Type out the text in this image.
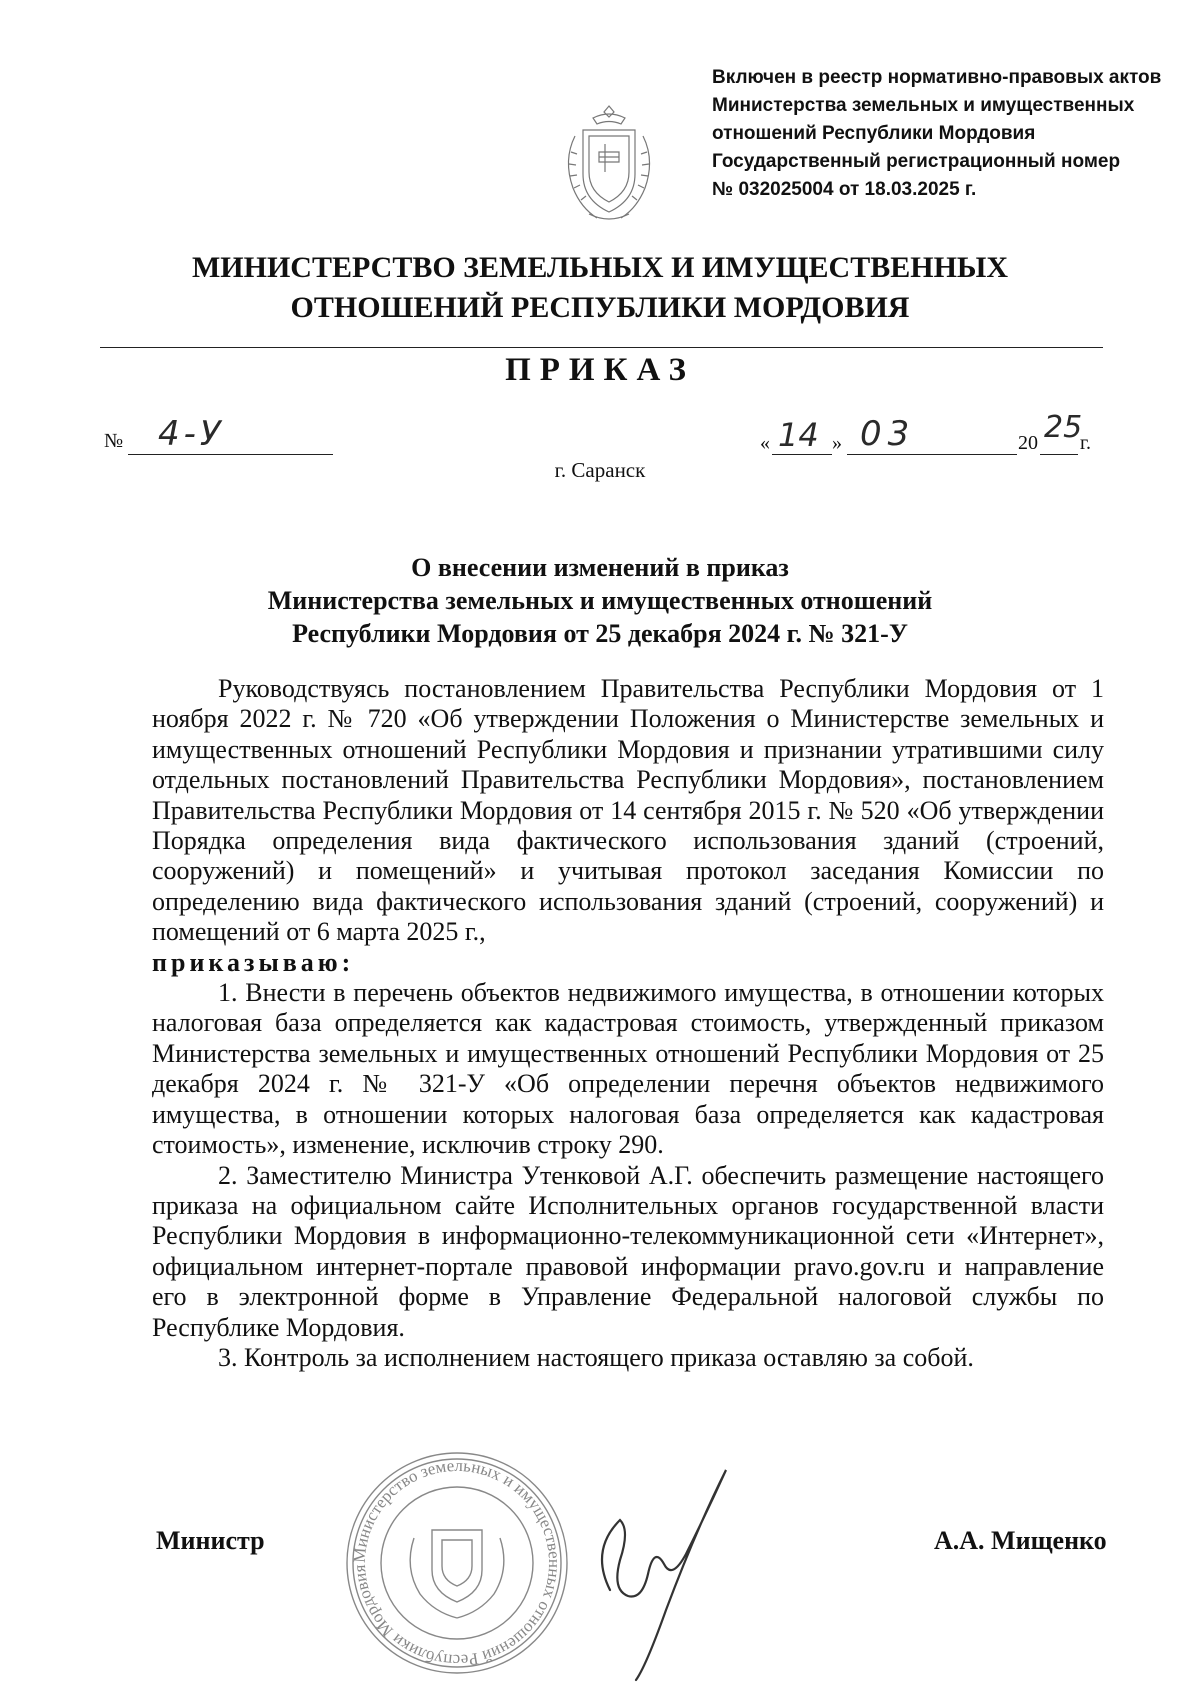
Включен в реестр нормативно-правовых актов
Министерства земельных и имущественных
отношений Республики Мордовия
Государственный регистрационный номер
№ 032025004 от 18.03.2025 г.
МИНИСТЕРСТВО ЗЕМЕЛЬНЫХ И ИМУЩЕСТВЕННЫХ
ОТНОШЕНИЙ РЕСПУБЛИКИ МОРДОВИЯ
ПРИКАЗ
№ 4-У	« 14 » 03	20 25
г.
г. Саранск
О внесении изменений в приказ
Министерства земельных и имущественных отношений
Республики Мордовия от 25 декабря 2024 г. № 321-У

Руководствуясь постановлением Правительства Республики Мордовия от 1 ноября 2022 г. № 720 «Об утверждении Положения о Министерстве земельных и имущественных отношений Республики Мордовия и признании утратившими силу отдельных постановлений Правительства Республики Мордовия», постановлением Правительства Республики Мордовия от 14 сентября 2015 г. № 520 «Об утверждении Порядка определения вида фактического использования зданий (строений, сооружений) и помещений» и учитывая протокол заседания Комиссии по определению вида фактического использования зданий (строений, сооружений) и помещений от 6 марта 2025 г.,

приказываю:

1. Внести в перечень объектов недвижимого имущества, в отношении которых налоговая база определяется как кадастровая стоимость, утвержденный приказом Министерства земельных и имущественных отношений Республики Мордовия от 25 декабря 2024 г. № 321-У «Об определении перечня объектов недвижимого имущества, в отношении которых налоговая база определяется как кадастровая стоимость», изменение, исключив строку 290.

2. Заместителю Министра Утенковой А.Г. обеспечить размещение настоящего приказа на официальном сайте Исполнительных органов государственной власти Республики Мордовия в информационно-телекоммуникационной сети «Интернет», официальном интернет-портале правовой информации pravo.gov.ru и направление его в электронной форме в Управление Федеральной налоговой службы по Республике Мордовия.

3. Контроль за исполнением настоящего приказа оставляю за собой.

Министерство земельных и имущественных отношений Республики Мордовия
Министр	А.А. Мищенко
